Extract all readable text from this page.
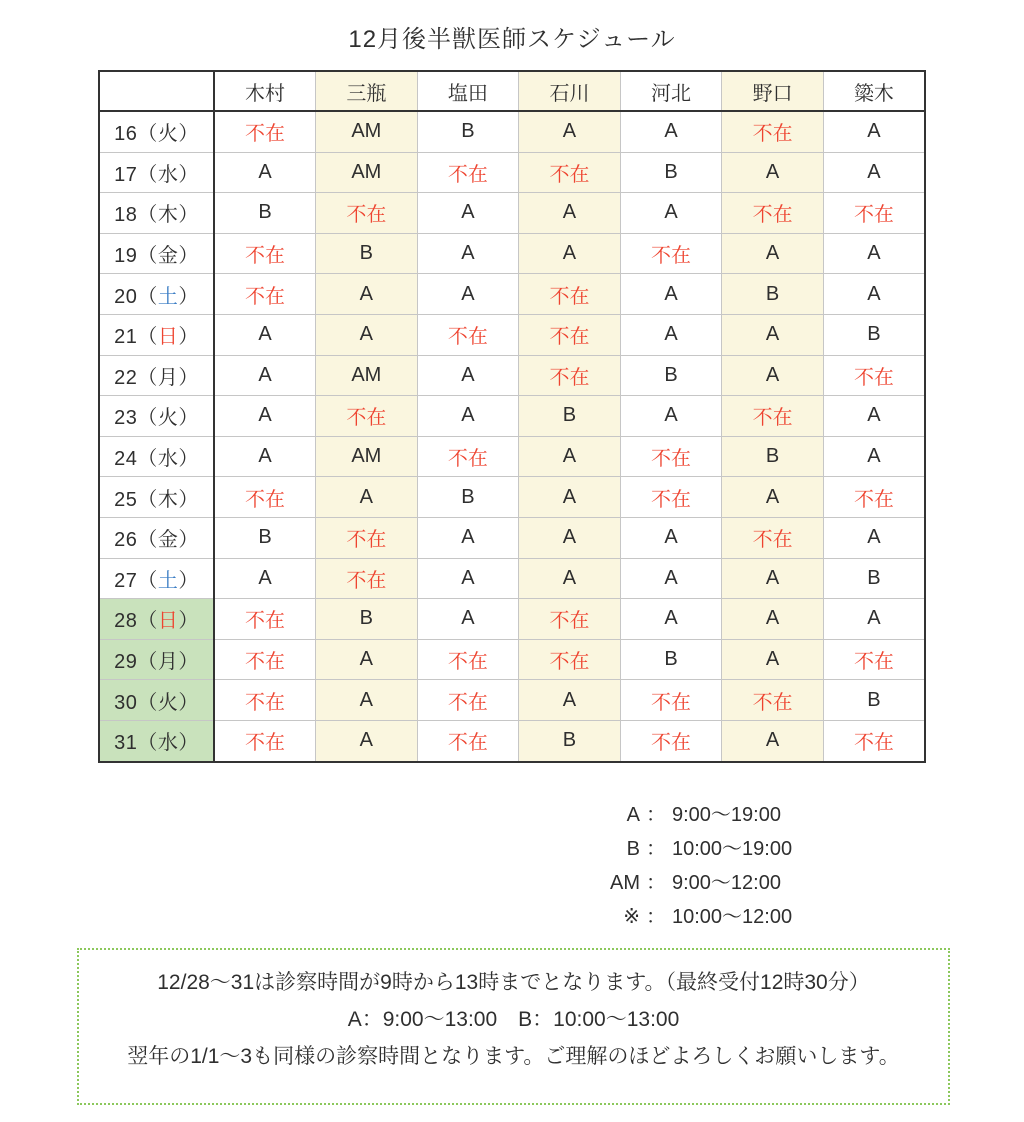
12月後半獣医師スケジュール
	木村	三瓶	塩田	石川	河北	野口	簗木
16（火）	不在	AM	B	A	A	不在	A
17（水）	A	AM	不在	不在	B	A	A
18（木）	B	不在	A	A	A	不在	不在
19（金）	不在	B	A	A	不在	A	A
20（土）	不在	A	A	不在	A	B	A
21（日）	A	A	不在	不在	A	A	B
22（月）	A	AM	A	不在	B	A	不在
23（火）	A	不在	A	B	A	不在	A
24（水）	A	AM	不在	A	不在	B	A
25（木）	不在	A	B	A	不在	A	不在
26（金）	B	不在	A	A	A	不在	A
27（土）	A	不在	A	A	A	A	B
28（日）	不在	B	A	不在	A	A	A
29（月）	不在	A	不在	不在	B	A	不在
30（火）	不在	A	不在	A	不在	不在	B
31（水）	不在	A	不在	B	不在	A	不在
A ： 9:00～19:00
B ： 10:00～19:00
AM ： 9:00～12:00
※ ： 10:00～12:00
12/28～31は診察時間が9時から13時までとなります。（最終受付12時30分）
A：9:00～13:00　B：10:00～13:00
翌年の1/1～3も同様の診察時間となります。ご理解のほどよろしくお願いします。
